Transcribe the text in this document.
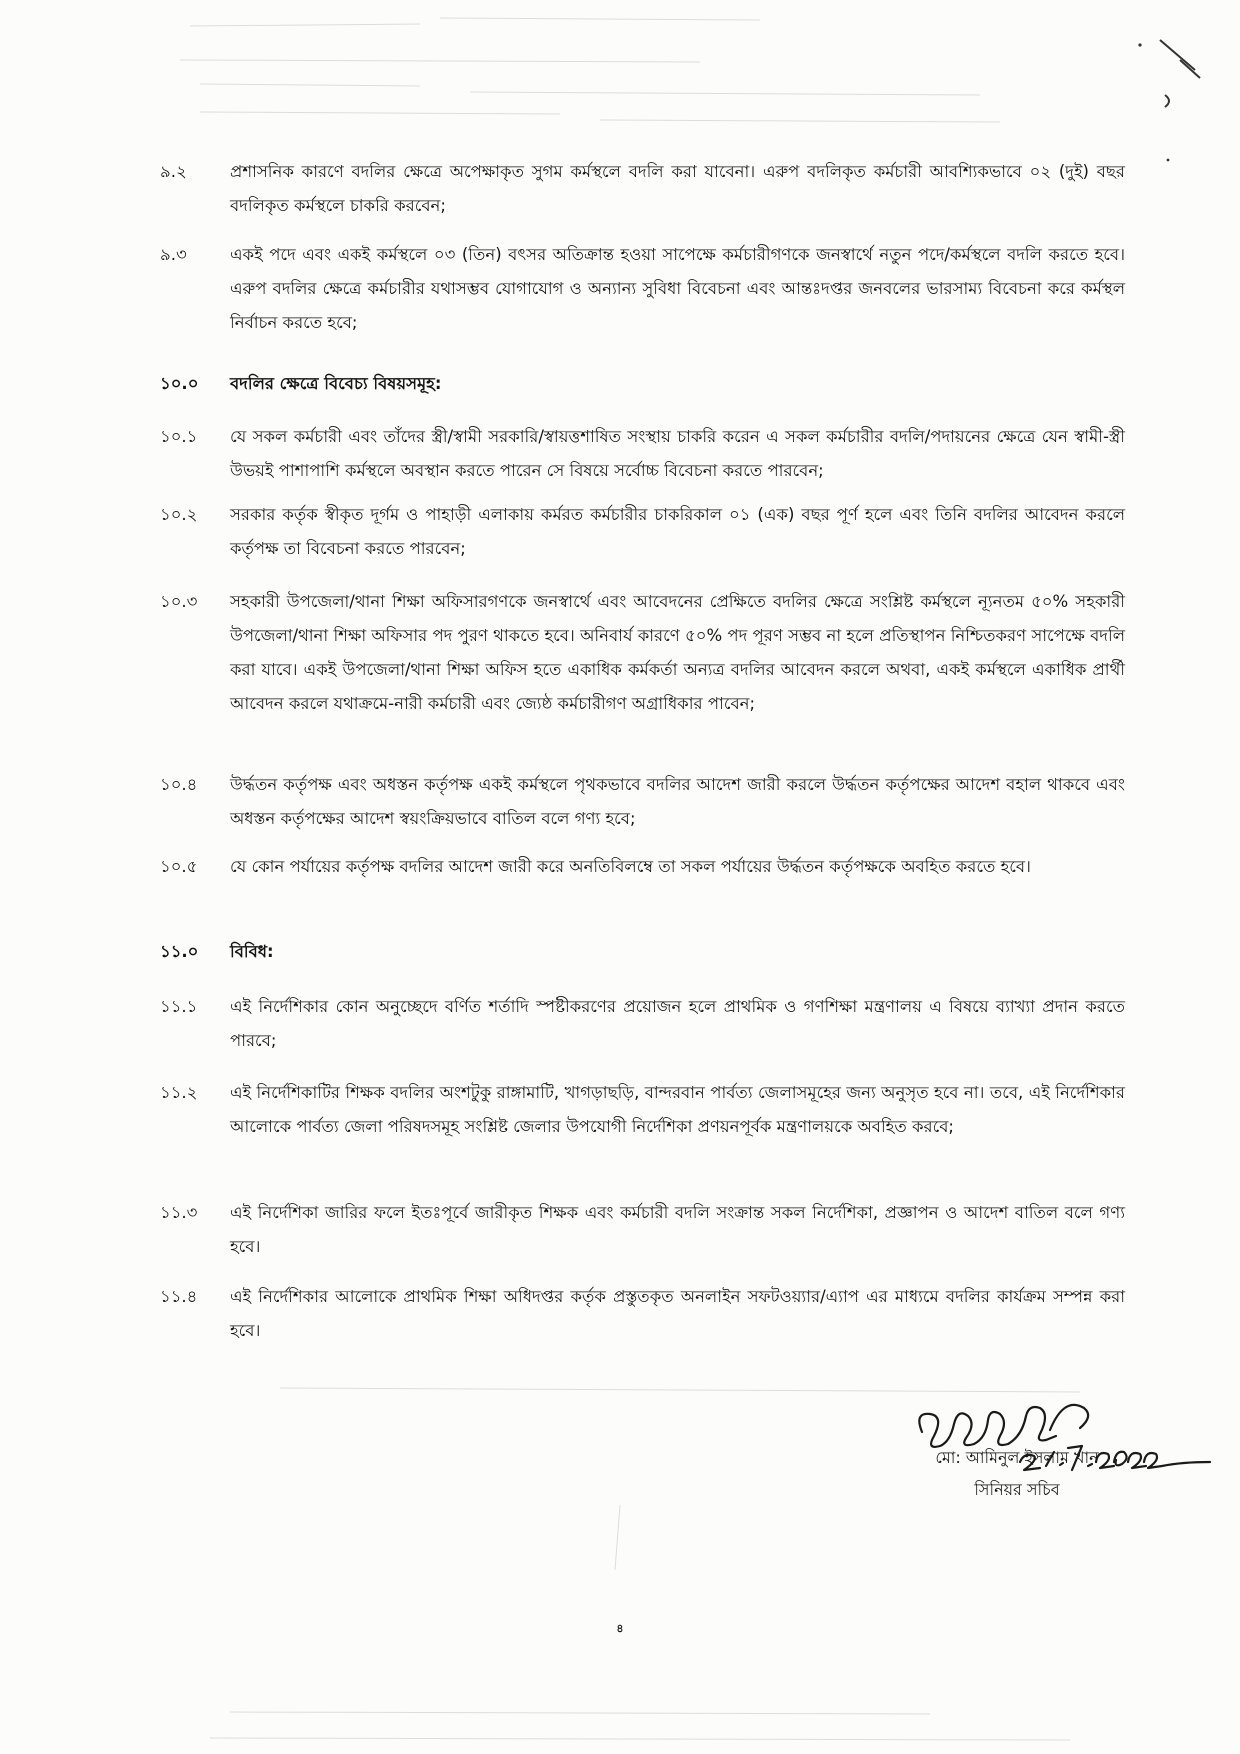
৯.২	প্রশাসনিক কারণে বদলির ক্ষেত্রে অপেক্ষাকৃত সুগম কর্মস্থলে বদলি করা যাবেনা। এরুপ বদলিকৃত কর্মচারী আবশ্যিকভাবে ০২ (দুই) বছর বদলিকৃত কর্মস্থলে চাকরি করবেন;
৯.৩	একই পদে এবং একই কর্মস্থলে ০৩ (তিন) বৎসর অতিক্রান্ত হওয়া সাপেক্ষে কর্মচারীগণকে জনস্বার্থে নতুন পদে/কর্মস্থলে বদলি করতে হবে। এরুপ বদলির ক্ষেত্রে কর্মচারীর যথাসম্ভব যোগাযোগ ও অন্যান্য সুবিধা বিবেচনা এবং আন্তঃদপ্তর জনবলের ভারসাম্য বিবেচনা করে কর্মস্থল নির্বাচন করতে হবে;
১০.০	বদলির ক্ষেত্রে বিবেচ্য বিষয়সমূহ:
১০.১	যে সকল কর্মচারী এবং তাঁদের স্ত্রী/স্বামী সরকারি/স্বায়ত্তশাষিত সংস্থায় চাকরি করেন এ সকল কর্মচারীর বদলি/পদায়নের ক্ষেত্রে যেন স্বামী-স্ত্রী উভয়ই পাশাপাশি কর্মস্থলে অবস্থান করতে পারেন সে বিষয়ে সর্বোচ্চ বিবেচনা করতে পারবেন;
১০.২	সরকার কর্তৃক স্বীকৃত দূর্গম ও পাহাড়ী এলাকায় কর্মরত কর্মচারীর চাকরিকাল ০১ (এক) বছর পূর্ণ হলে এবং তিনি বদলির আবেদন করলে কর্তৃপক্ষ তা বিবেচনা করতে পারবেন;
১০.৩	সহকারী উপজেলা/থানা শিক্ষা অফিসারগণকে জনস্বার্থে এবং আবেদনের প্রেক্ষিতে বদলির ক্ষেত্রে সংশ্লিষ্ট কর্মস্থলে ন্যূনতম ৫০% সহকারী উপজেলা/থানা শিক্ষা অফিসার পদ পুরণ থাকতে হবে। অনিবার্য কারণে ৫০% পদ পূরণ সম্ভব না হলে প্রতিস্থাপন নিশ্চিতকরণ সাপেক্ষে বদলি করা যাবে। একই উপজেলা/থানা শিক্ষা অফিস হতে একাধিক কর্মকর্তা অন্যত্র বদলির আবেদন করলে অথবা, একই কর্মস্থলে একাধিক প্রার্থী আবেদন করলে যথাক্রমে-নারী কর্মচারী এবং জ্যেষ্ঠ কর্মচারীগণ অগ্রাধিকার পাবেন;
১০.৪	উর্দ্ধতন কর্তৃপক্ষ এবং অধস্তন কর্তৃপক্ষ একই কর্মস্থলে পৃথকভাবে বদলির আদেশ জারী করলে উর্দ্ধতন কর্তৃপক্ষের আদেশ বহাল থাকবে এবং অধস্তন কর্তৃপক্ষের আদেশ স্বয়ংক্রিয়ভাবে বাতিল বলে গণ্য হবে;
১০.৫	যে কোন পর্যায়ের কর্তৃপক্ষ বদলির আদেশ জারী করে অনতিবিলম্বে তা সকল পর্যায়ের উর্দ্ধতন কর্তৃপক্ষকে অবহিত করতে হবে।
১১.০	বিবিধ:
১১.১	এই নির্দেশিকার কোন অনুচ্ছেদে বর্ণিত শর্তাদি স্পষ্টীকরণের প্রয়োজন হলে প্রাথমিক ও গণশিক্ষা মন্ত্রণালয় এ বিষয়ে ব্যাখ্যা প্রদান করতে পারবে;
১১.২	এই নির্দেশিকাটির শিক্ষক বদলির অংশটুকু রাঙ্গামাটি, খাগড়াছড়ি, বান্দরবান পার্বত্য জেলাসমূহের জন্য অনুসৃত হবে না। তবে, এই নির্দেশিকার আলোকে পার্বত্য জেলা পরিষদসমূহ সংশ্লিষ্ট জেলার উপযোগী নির্দেশিকা প্রণয়নপূর্বক মন্ত্রণালয়কে অবহিত করবে;
১১.৩	এই নির্দেশিকা জারির ফলে ইতঃপূর্বে জারীকৃত শিক্ষক এবং কর্মচারী বদলি সংক্রান্ত সকল নির্দেশিকা, প্রজ্ঞাপন ও আদেশ বাতিল বলে গণ্য হবে।
১১.৪	এই নির্দেশিকার আলোকে প্রাথমিক শিক্ষা অধিদপ্তর কর্তৃক প্রস্তুতকৃত অনলাইন সফটওয়্যার/এ্যাপ এর মাধ্যমে বদলির কার্যক্রম সম্পন্ন করা হবে।
মো: আমিনুল ইসলাম খান
সিনিয়র সচিব
৪
